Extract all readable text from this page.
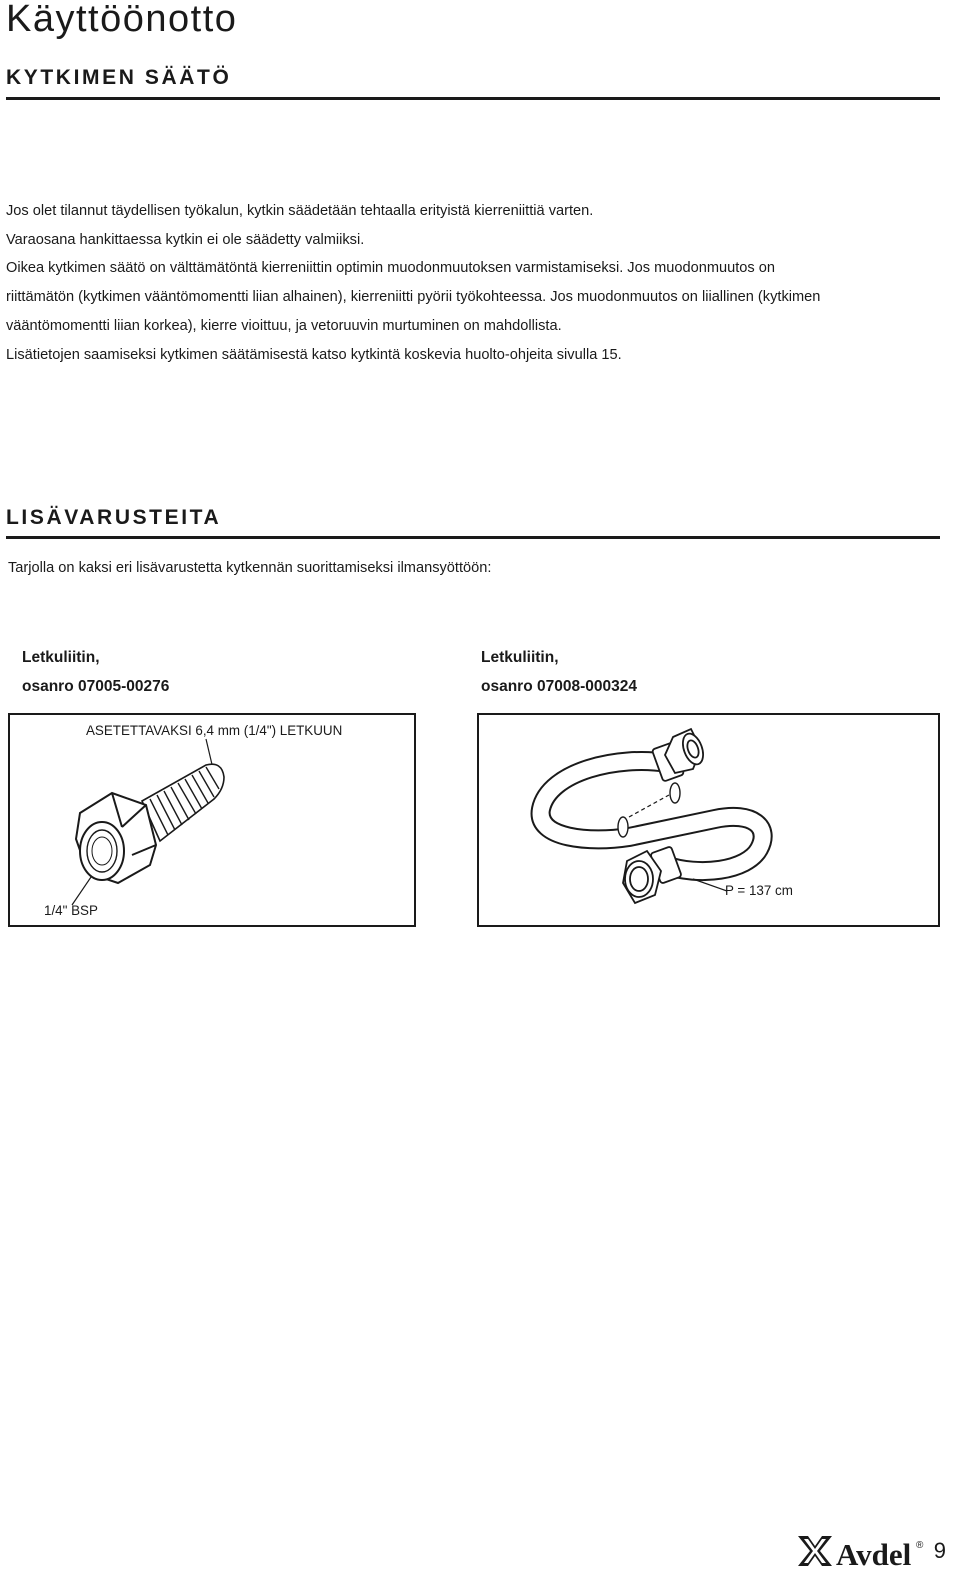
Käyttöönotto
KYTKIMEN SÄÄTÖ

Jos olet tilannut täydellisen työkalun, kytkin säädetään tehtaalla erityistä kierreniittiä varten.

Varaosana hankittaessa kytkin ei ole säädetty valmiiksi.

Oikea kytkimen säätö on välttämätöntä kierreniittin optimin muodonmuutoksen varmistamiseksi. Jos muodonmuutos on

riittämätön (kytkimen vääntömomentti liian alhainen), kierreniitti pyörii työkohteessa. Jos muodonmuutos on liiallinen (kytkimen

vääntömomentti liian korkea), kierre vioittuu, ja vetoruuvin murtuminen on mahdollista.

Lisätietojen saamiseksi kytkimen säätämisestä katso kytkintä koskevia huolto-ohjeita sivulla 15.

LISÄVARUSTEITA
Tarjolla on kaksi eri lisävarustetta kytkennän suorittamiseksi ilmansyöttöön:
Letkuliitin,
osanro 07005-00276
Letkuliitin,
osanro 07008-000324
ASETETTAVAKSI 6,4 mm (1/4") LETKUUN
1/4" BSP
P = 137 cm
Avdel ® 9
